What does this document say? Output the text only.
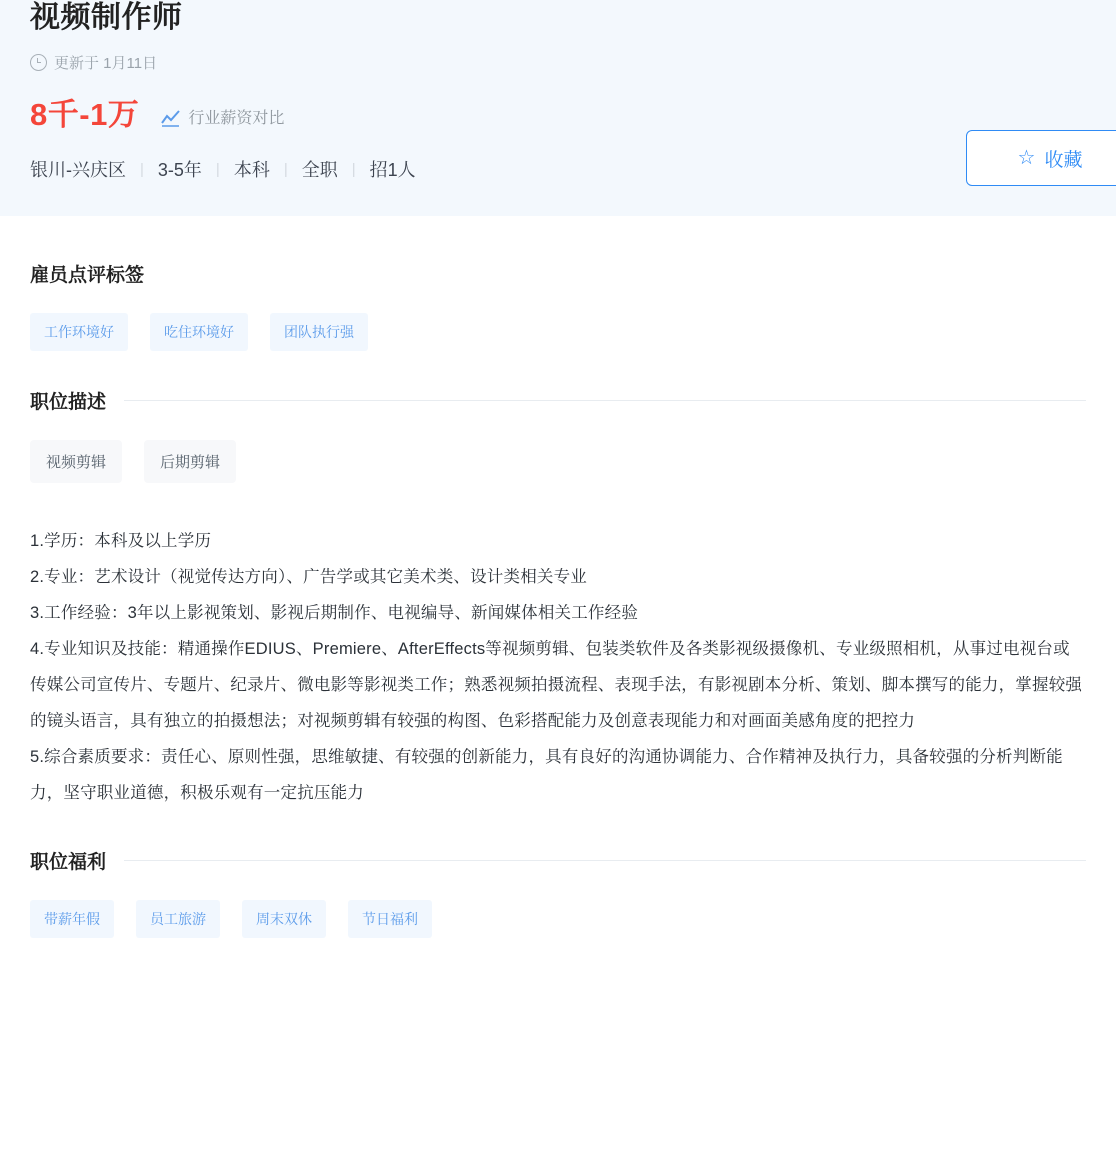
视频制作师
更新于 1月11日
8千-1万	行业薪资对比
银川-兴庆区 | 3-5年 | 本科 | 全职 | 招1人
☆ 收藏
雇员点评标签
工作环境好	吃住环境好	团队执行强
职位描述
视频剪辑	后期剪辑

1.学历：本科及以上学历

2.专业：艺术设计（视觉传达方向）、广告学或其它美术类、设计类相关专业

3.工作经验：3年以上影视策划、影视后期制作、电视编导、新闻媒体相关工作经验

4.专业知识及技能：精通操作EDIUS、Premiere、AfterEffects等视频剪辑、包装类软件及各类影视级摄像机、专业级照相机，从事过电视台或传媒公司宣传片、专题片、纪录片、微电影等影视类工作；熟悉视频拍摄流程、表现手法，有影视剧本分析、策划、脚本撰写的能力，掌握较强的镜头语言，具有独立的拍摄想法；对视频剪辑有较强的构图、色彩搭配能力及创意表现能力和对画面美感角度的把控力

5.综合素质要求：责任心、原则性强，思维敏捷、有较强的创新能力，具有良好的沟通协调能力、合作精神及执行力，具备较强的分析判断能力，坚守职业道德，积极乐观有一定抗压能力

职位福利
带薪年假	员工旅游	周末双休	节日福利
